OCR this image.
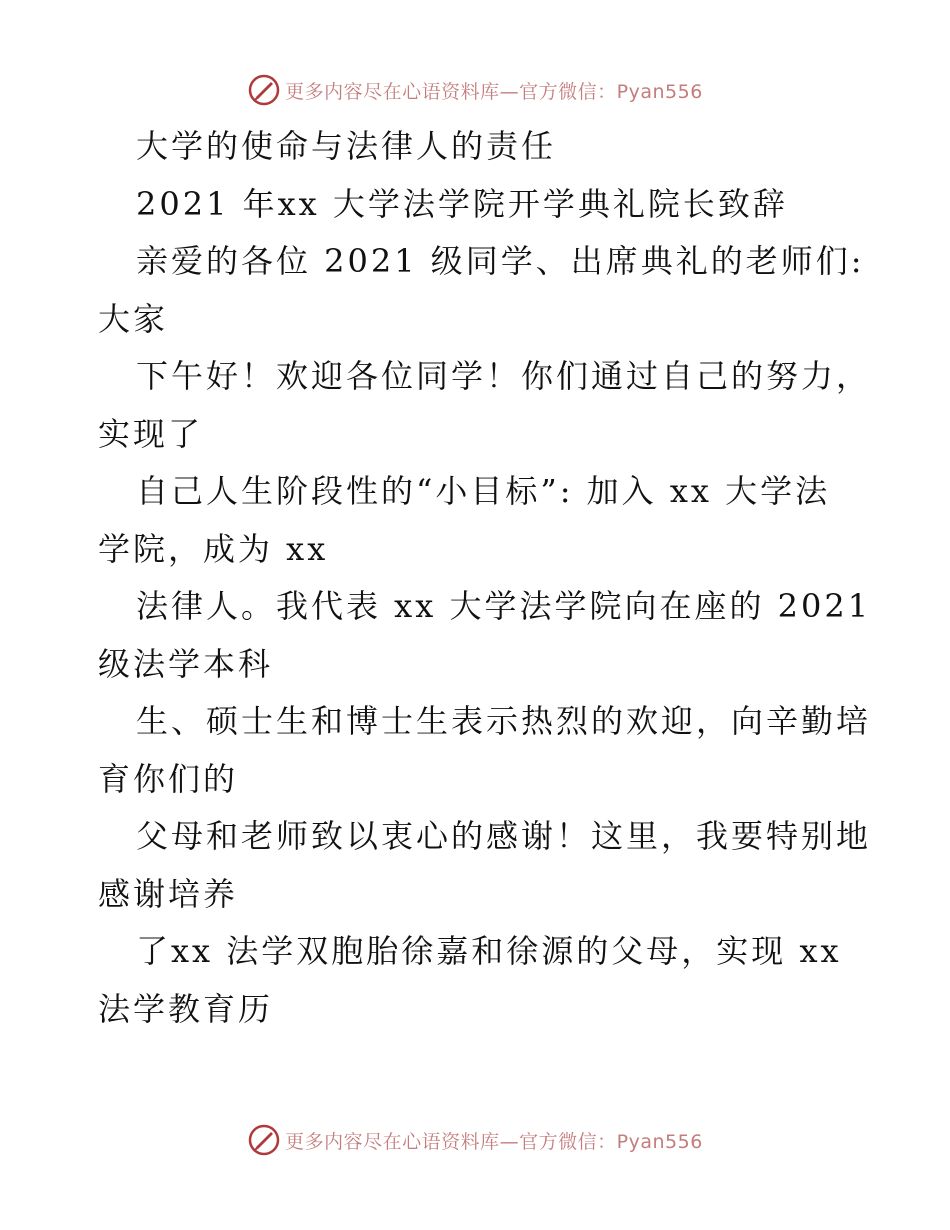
更多内容尽在心语资料库—官方微信：Pyan556
大学的使命与法律人的责任
2021 年xx 大学法学院开学典礼院长致辞
亲爱的各位 2021 级同学、出席典礼的老师们:
大家
下午好！欢迎各位同学！你们通过自己的努力，
实现了
自己人生阶段性的“小目标”: 加入 xx 大学法
学院，成为 xx
法律人。我代表 xx 大学法学院向在座的 2021
级法学本科
生、硕士生和博士生表示热烈的欢迎，向辛勤培
育你们的
父母和老师致以衷心的感谢！这里，我要特别地
感谢培养
了xx 法学双胞胎徐嘉和徐源的父母，实现 xx
法学教育历
更多内容尽在心语资料库—官方微信：Pyan556
